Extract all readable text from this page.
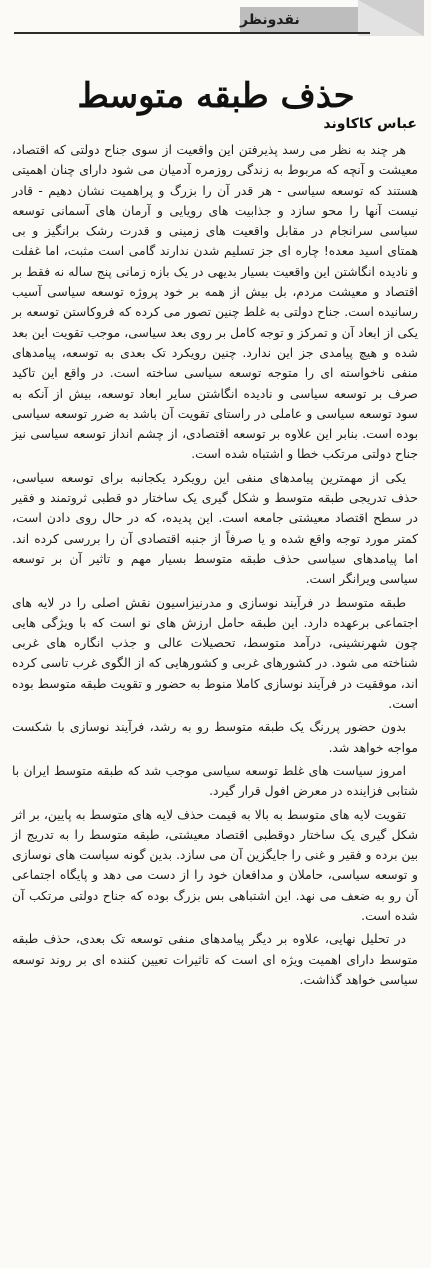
نقدونظر
حذف طبقه متوسط
عباس کاکاوند

هر چند به نظر می رسد پذیرفتن این واقعیت از سوی جناح دولتی که اقتصاد، معیشت و آنچه که مربوط به زندگی روزمره آدمیان می شود دارای چنان اهمیتی هستند که توسعه سیاسی - هر قدر آن را بزرگ و پراهمیت نشان دهیم - قادر نیست آنها را محو سازد و جذابیت های رویایی و آرمان های آسمانی توسعه سیاسی سرانجام در مقابل واقعیت های زمینی و قدرت رشک برانگیز و بی همتای اسید معده! چاره ای جز تسلیم شدن ندارند گامی است مثبت، اما غفلت و نادیده انگاشتن این واقعیت بسیار بدیهی در یک بازه زمانی پنج ساله نه فقط بر اقتصاد و معیشت مردم، بل بیش از همه بر خود پروژه توسعه سیاسی آسیب رسانیده است. جناح دولتی به غلط چنین تصور می کرده که فروکاستن توسعه بر یکی از ابعاد آن و تمرکز و توجه کامل بر روی بعد سیاسی، موجب تقویت این بعد شده و هیچ پیامدی جز این ندارد. چنین رویکرد تک بعدی به توسعه، پیامدهای منفی ناخواسته ای را متوجه توسعه سیاسی ساخته است. در واقع این تاکید صرف بر توسعه سیاسی و نادیده انگاشتن سایر ابعاد توسعه، بیش از آنکه به سود توسعه سیاسی و عاملی در راستای تقویت آن باشد به ضرر توسعه سیاسی بوده است. بنابر این علاوه بر توسعه اقتصادی، از چشم انداز توسعه سیاسی نیز جناح دولتی مرتکب خطا و اشتباه شده است.

یکی از مهمترین پیامدهای منفی این رویکرد یکجانبه برای توسعه سیاسی، حذف تدریجی طبقه متوسط و شکل گیری یک ساختار دو قطبی ثروتمند و فقیر در سطح اقتصاد معیشتی جامعه است. این پدیده، که در حال روی دادن است، کمتر مورد توجه واقع شده و یا صرفاً از جنبه اقتصادی آن را بررسی کرده اند. اما پیامدهای سیاسی حذف طبقه متوسط بسیار مهم و تاثیر آن بر توسعه سیاسی ویرانگر است.

طبقه متوسط در فرآیند نوسازی و مدرنیزاسیون نقش اصلی را در لایه های اجتماعی برعهده دارد. این طبقه حامل ارزش های نو است که با ویژگی هایی چون شهرنشینی، درآمد متوسط، تحصیلات عالی و جذب انگاره های غربی شناخته می شود. در کشورهای غربی و کشورهایی که از الگوی غرب تاسی کرده اند، موفقیت در فرآیند نوسازی کاملا منوط به حضور و تقویت طبقه متوسط بوده است.

بدون حضور پررنگ یک طبقه متوسط رو به رشد، فرآیند نوسازی با شکست مواجه خواهد شد.

امروز سیاست های غلط توسعه سیاسی موجب شد که طبقه متوسط ایران با شتابی فزاینده در معرض افول قرار گیرد.

تقویت لایه های متوسط به بالا به قیمت حذف لایه های متوسط به پایین، بر اثر شکل گیری یک ساختار دوقطبی اقتصاد معیشتی، طبقه متوسط را به تدریج از بین برده و فقیر و غنی را جایگزین آن می سازد. بدین گونه سیاست های نوسازی و توسعه سیاسی، حاملان و مدافعان خود را از دست می دهد و پایگاه اجتماعی آن رو به ضعف می نهد. این اشتباهی بس بزرگ بوده که جناح دولتی مرتکب آن شده است.

در تحلیل نهایی، علاوه بر دیگر پیامدهای منفی توسعه تک بعدی، حذف طبقه متوسط دارای اهمیت ویژه ای است که تاثیرات تعیین کننده ای بر روند توسعه سیاسی خواهد گذاشت.
